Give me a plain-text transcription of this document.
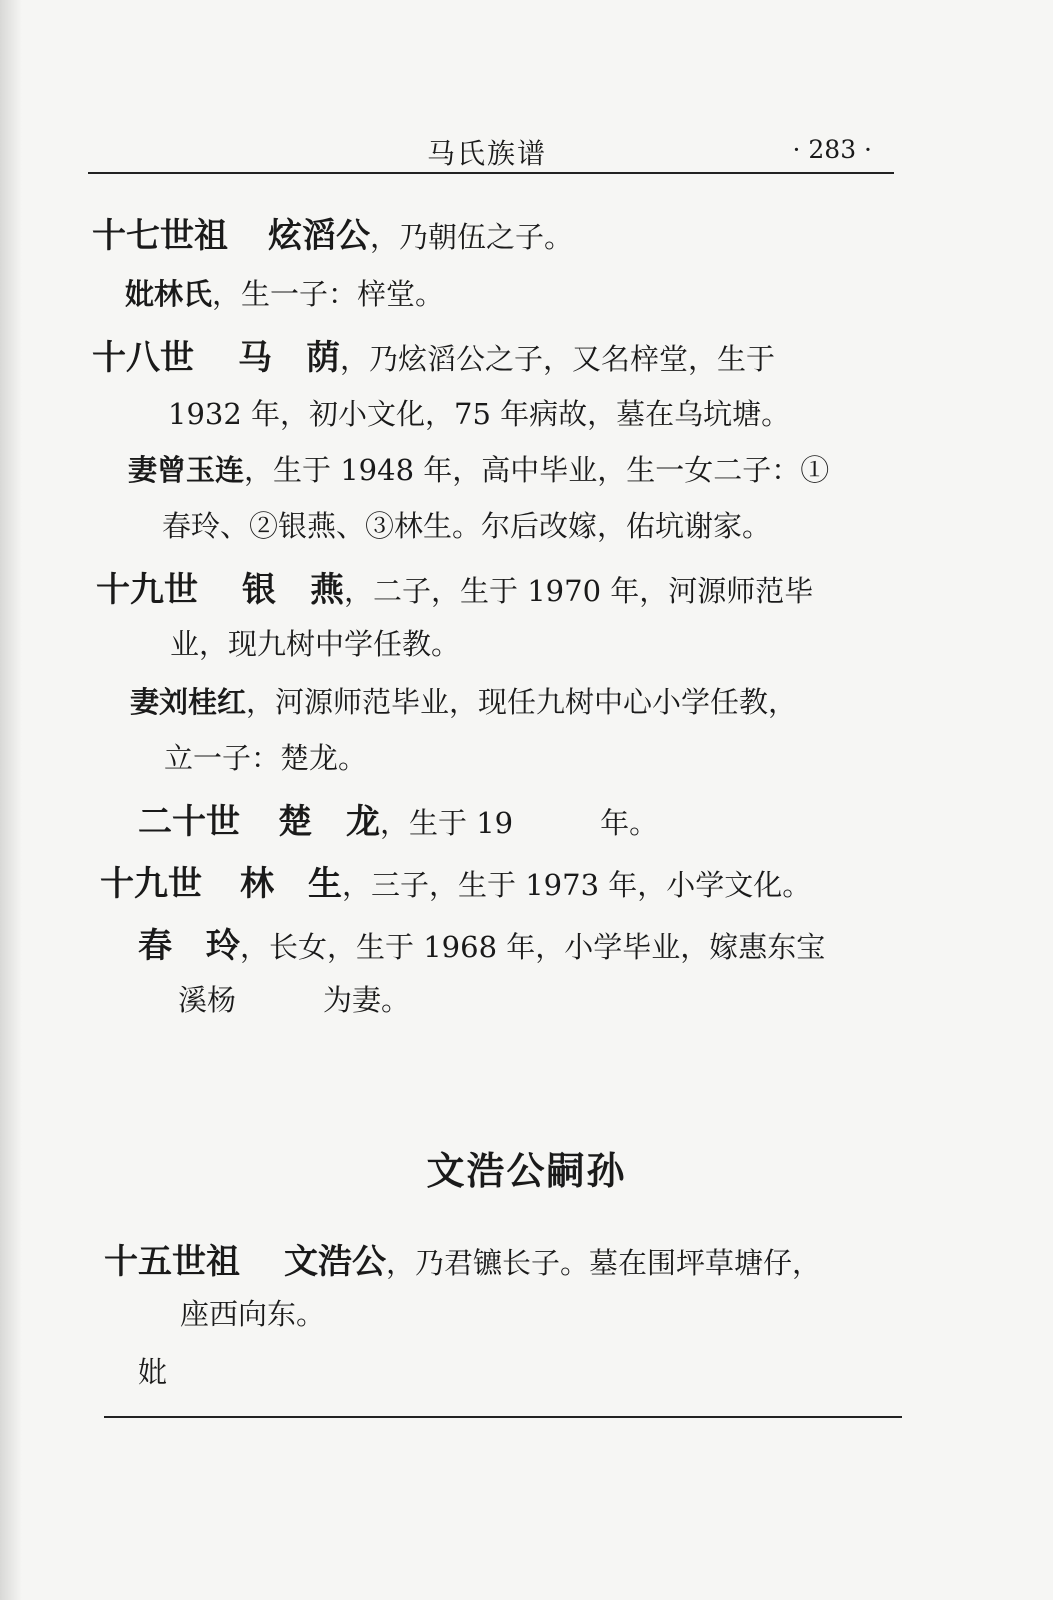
马氏族谱	· 283 ·
十七世祖 炫滔公，乃朝伍之子。
妣林氏，生一子：梓堂。
十八世 马　荫，乃炫滔公之子，又名梓堂，生于
1932 年，初小文化，75 年病故，墓在乌坑塘。
妻曾玉连，生于 1948 年，高中毕业，生一女二子：①
春玲、②银燕、③林生。尔后改嫁，佑坑谢家。
十九世 银　燕，二子，生于 1970 年，河源师范毕
业，现九树中学任教。
妻刘桂红，河源师范毕业，现任九树中心小学任教，
立一子：楚龙。
二十世 楚　龙，生于 19　　　年。
十九世 林　生，三子，生于 1973 年，小学文化。
春　玲，长女，生于 1968 年，小学毕业，嫁惠东宝
溪杨　　　为妻。
文浩公嗣孙
十五世祖 文浩公，乃君镳长子。墓在围坪草塘仔，
座西向东。
妣
